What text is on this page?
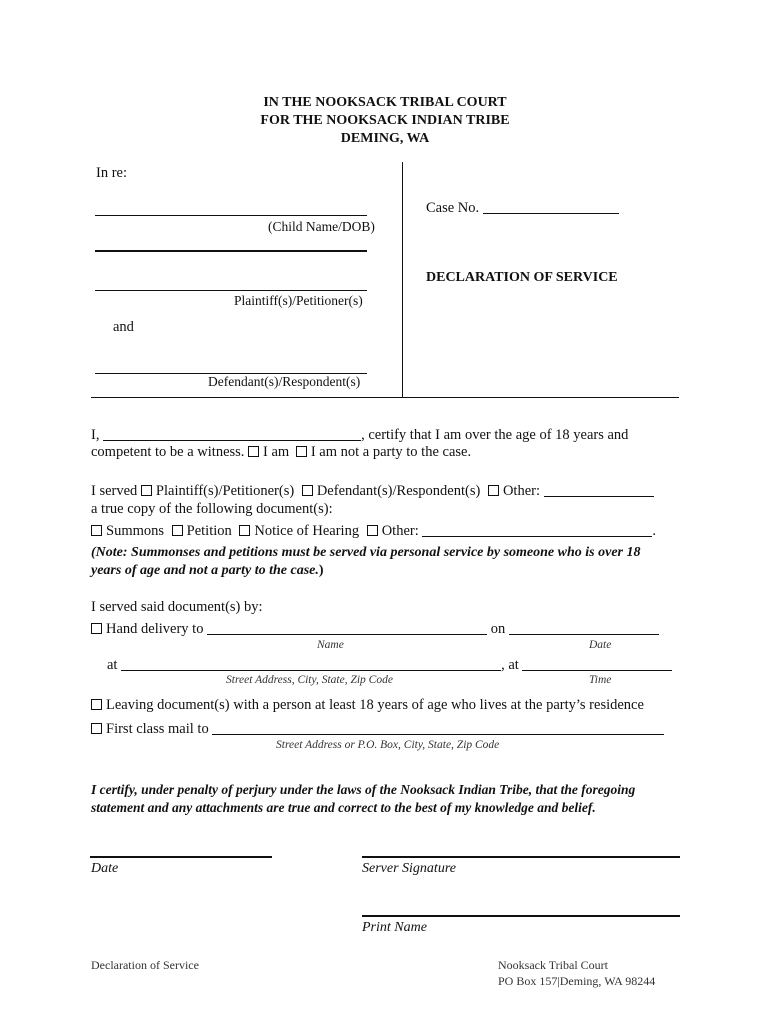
IN THE NOOKSACK TRIBAL COURT
FOR THE NOOKSACK INDIAN TRIBE
DEMING, WA
In re:
(Child Name/DOB)
Plaintiff(s)/Petitioner(s)
and
Defendant(s)/Respondent(s)
Case No.
DECLARATION OF SERVICE
I,	, certify that I am over the age of 18 years and
competent to be a witness. I am I am not a party to the case.
I served Plaintiff(s)/Petitioner(s) Defendant(s)/Respondent(s) Other:
a true copy of the following document(s):
Summons Petition Notice of Hearing Other:	.
(Note: Summonses and petitions must be served via personal service by someone who is over 18
years of age and not a party to the case.)
I served said document(s) by:
Hand delivery to	on
Name	Date
at	, at
Street Address, City, State, Zip Code	Time
Leaving document(s) with a person at least 18 years of age who lives at the party’s residence
First class mail to
Street Address or P.O. Box, City, State, Zip Code
I certify, under penalty of perjury under the laws of the Nooksack Indian Tribe, that the foregoing
statement and any attachments are true and correct to the best of my knowledge and belief.
Date	Server Signature
Print Name
Declaration of Service	Nooksack Tribal Court
PO Box 157|Deming, WA 98244
